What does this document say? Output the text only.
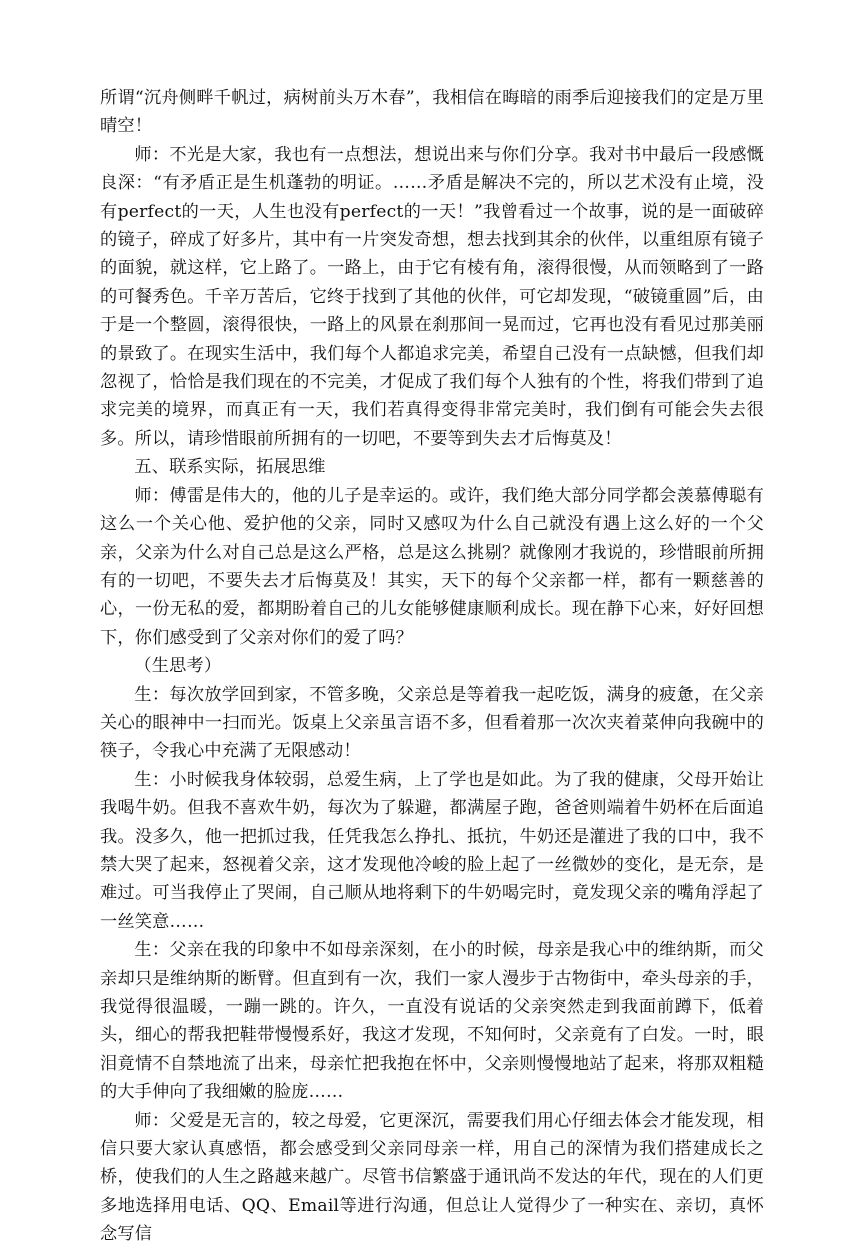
所谓“沉舟侧畔千帆过，病树前头万木春”，我相信在晦暗的雨季后迎接我们的定是万里晴空！

师：不光是大家，我也有一点想法，想说出来与你们分享。我对书中最后一段感慨良深：“有矛盾正是生机蓬勃的明证。……矛盾是解决不完的，所以艺术没有止境，没有perfect的一天，人生也没有perfect的一天！”我曾看过一个故事，说的是一面破碎的镜子，碎成了好多片，其中有一片突发奇想，想去找到其余的伙伴，以重组原有镜子的面貌，就这样，它上路了。一路上，由于它有棱有角，滚得很慢，从而领略到了一路的可餐秀色。千辛万苦后，它终于找到了其他的伙伴，可它却发现，“破镜重圆”后，由于是一个整圆，滚得很快，一路上的风景在刹那间一晃而过，它再也没有看见过那美丽的景致了。在现实生活中，我们每个人都追求完美，希望自己没有一点缺憾，但我们却忽视了，恰恰是我们现在的不完美，才促成了我们每个人独有的个性，将我们带到了追求完美的境界，而真正有一天，我们若真得变得非常完美时，我们倒有可能会失去很多。所以，请珍惜眼前所拥有的一切吧，不要等到失去才后悔莫及！

五、联系实际，拓展思维

师：傅雷是伟大的，他的儿子是幸运的。或许，我们绝大部分同学都会羡慕傅聪有这么一个关心他、爱护他的父亲，同时又感叹为什么自己就没有遇上这么好的一个父亲，父亲为什么对自己总是这么严格，总是这么挑剔？就像刚才我说的，珍惜眼前所拥有的一切吧，不要失去才后悔莫及！其实，天下的每个父亲都一样，都有一颗慈善的心，一份无私的爱，都期盼着自己的儿女能够健康顺利成长。现在静下心来，好好回想下，你们感受到了父亲对你们的爱了吗？

（生思考）

生：每次放学回到家，不管多晚，父亲总是等着我一起吃饭，满身的疲惫，在父亲关心的眼神中一扫而光。饭桌上父亲虽言语不多，但看着那一次次夹着菜伸向我碗中的筷子，令我心中充满了无限感动！

生：小时候我身体较弱，总爱生病，上了学也是如此。为了我的健康，父母开始让我喝牛奶。但我不喜欢牛奶，每次为了躲避，都满屋子跑，爸爸则端着牛奶杯在后面追我。没多久，他一把抓过我，任凭我怎么挣扎、抵抗，牛奶还是灌进了我的口中，我不禁大哭了起来，怒视着父亲，这才发现他冷峻的脸上起了一丝微妙的变化，是无奈，是难过。可当我停止了哭闹，自己顺从地将剩下的牛奶喝完时，竟发现父亲的嘴角浮起了一丝笑意……

生：父亲在我的印象中不如母亲深刻，在小的时候，母亲是我心中的维纳斯，而父亲却只是维纳斯的断臂。但直到有一次，我们一家人漫步于古物街中，牵头母亲的手，我觉得很温暖，一蹦一跳的。许久，一直没有说话的父亲突然走到我面前蹲下，低着头，细心的帮我把鞋带慢慢系好，我这才发现，不知何时，父亲竟有了白发。一时，眼泪竟情不自禁地流了出来，母亲忙把我抱在怀中，父亲则慢慢地站了起来，将那双粗糙的大手伸向了我细嫩的脸庞……

师：父爱是无言的，较之母爱，它更深沉，需要我们用心仔细去体会才能发现，相信只要大家认真感悟，都会感受到父亲同母亲一样，用自己的深情为我们搭建成长之桥，使我们的人生之路越来越广。尽管书信繁盛于通讯尚不发达的年代，现在的人们更多地选择用电话、QQ、Email等进行沟通，但总让人觉得少了一种实在、亲切，真怀念写信
